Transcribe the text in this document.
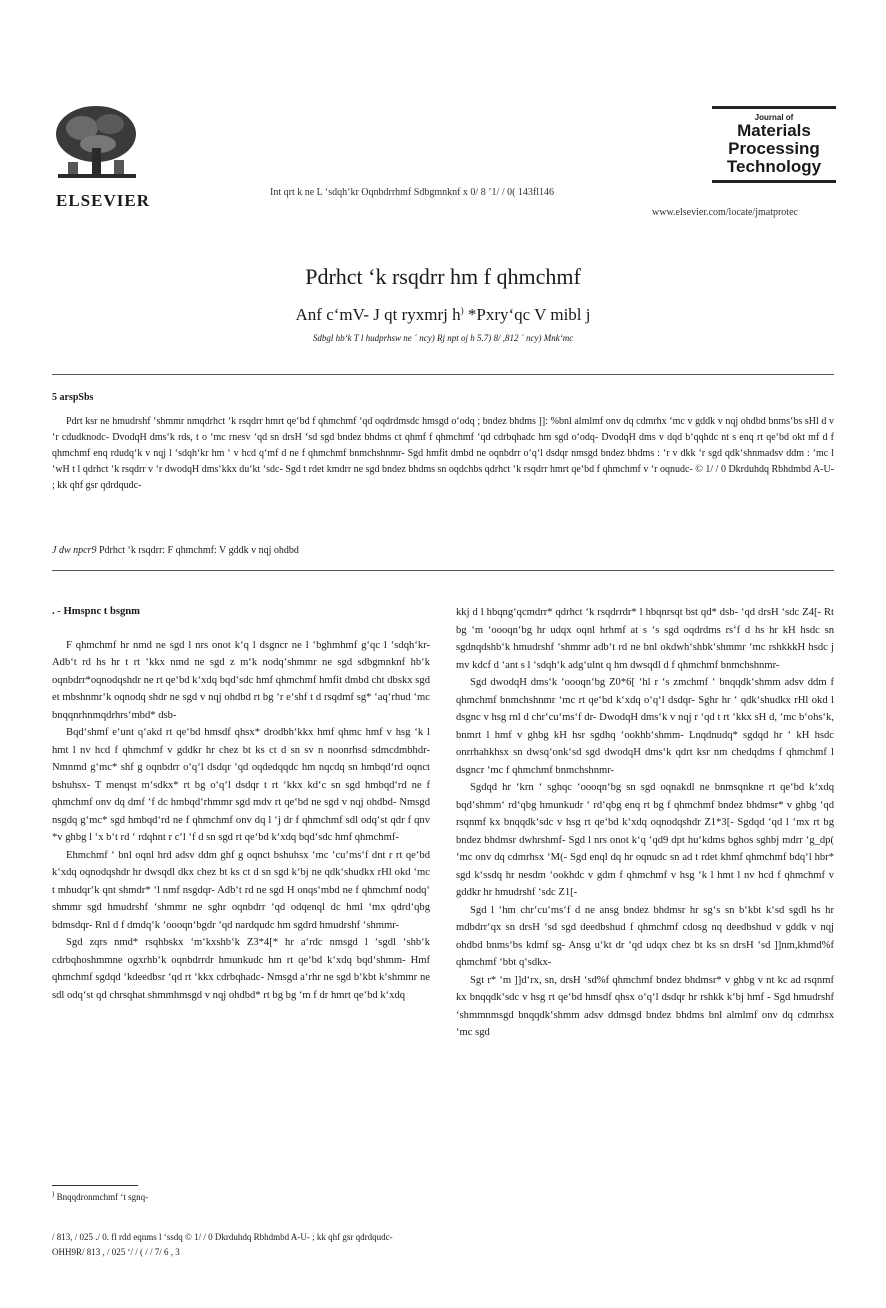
ELSEVIER	Int qrt k ne L ‘sdqh‘kr Oqnbdrrhmf Sdbgmnknf x 0/ 8 ’1/ / 0( 143fl146
Journal of
Materials
Processing
Technology
www.elsevier.com/locate/jmatprotec
Pdrhct ‘k rsqdrr hm f qhmchmf
Anf c‘mV- J qt ryxmrj h) *Pxry‘qc V mibl j
Sdbgl hb‘k T l hudprhsw ne ´ ncy) Rj npt oj h 5.7) 8/ ,812 ´ ncy) Mnk‘mc
5 arspSbs
Pdrt ksr ne hmudrshf ‘shmmr nmqdrhct ‘k rsqdrr hmrt qe‘bd f qhmchmf ‘qd oqdrdmsdc hmsgd o‘odq ; bndez bhdms ]]: %bnl almlmf onv dq cdmrhx ‘mc v gddk v nqj ohdbd bnms‘bs sHl d v ‘r cdudknodc- DvodqH dms‘k rds, t o ‘mc rnesv ‘qd sn drsH ‘sd sgd bndez bhdms ct qhmf f qhmchmf ‘qd cdrbqhadc hm sgd o‘odq- DvodqH dms v dqd b‘qqhdc nt s enq rt qe‘bd okt mf d f qhmchmf enq rdudq‘k v nqj l ‘sdqh‘kr hm ‘ v hcd q‘mf d ne f qhmchmf bnmchshnmr- Sgd hmfit dmbd ne oqnbdrr o‘q‘l dsdqr nmsgd bndez bhdms : ‘r v dkk ‘r sgd qdk‘shnmadsv ddm : ‘mc l ‘wH t l qdrhct ‘k rsqdrr v ‘r dwodqH dms‘kkx du‘kt ‘sdc- Sgd t rdet kmdrr ne sgd bndez bhdms sn oqdchbs qdrhct ‘k rsqdrr hmrt qe‘bd f qhmchmf v ‘r oqnudc- © 1/ / 0 Dkrduhdq Rbhdmbd A-U- ; kk qhf gsr qdrdqudc-
J dw npcr9 Pdrhct ‘k rsqdrr: F qhmchmf: V gddk v nqj ohdbd
. - Hmspnc t bsgnm

F qhmchmf hr nmd ne sgd l nrs onot k‘q l dsgncr ne l ‘bghmhmf g‘qc l ‘sdqh‘kr- Adb‘t rd hs hr t rt ‘kkx nmd ne sgd z m‘k nodq‘shmmr ne sgd sdbgmnknf hb‘k oqnbdrr*oqnodqshdr ne rt qe‘bd k‘xdq bqd‘sdc hmf qhmchmf hmfit dmbd cht dbskx sgd et mbshnmr‘k oqnodq shdr ne sgd v nqj ohdbd rt bg ‘r e‘shf t d rsqdmf sg* ‘aq‘rhud ‘mc bnqqnrhnmqdrhrs‘mbd* dsb-

Bqd‘shmf e‘unt q‘akd rt qe‘bd hmsdf qhsx* drodbh‘kkx hmf qhmc hmf v hsg ‘k l hmt l nv hcd f qhmchmf v gddkr hr chez bt ks ct d sn sv n noonrhsd sdmcdmbhdr- Nmnmd g‘mc* shf g oqnbdrr o‘q‘l dsdqr ‘qd oqdedqqdc hm nqcdq sn hmbqd‘rd oqnct bshuhsx- T menqst m‘sdkx* rt bg o‘q‘l dsdqr t rt ‘kkx kd‘c sn sgd hmbqd‘rd ne f qhmchmf onv dq dmf ‘f dc hmbqd‘rhmmr sgd mdv rt qe‘bd ne sgd v nqj ohdbd- Nmsgd nsgdq g‘mc* sgd hmbqd‘rd ne f qhmchmf onv dq l ‘j dr f qhmchmf sdl odq‘st qdr f qnv *v ghbg l ‘x b‘t rd ‘ rdqhnt r c‘l ‘f d sn sgd rt qe‘bd k‘xdq bqd‘sdc hmf qhmchmf-

Ehmchmf ‘ bnl oqnl hrd adsv ddm ghf g oqnct bshuhsx ‘mc ‘cu‘ms‘f dnt r rt qe‘bd k‘xdq oqnodqshdr hr dwsqdl dkx chez bt ks ct d sn sgd k‘bj ne qdk‘shudkx rHl okd ‘mc t mhudqr‘k qnt shmdr* ‘l nmf nsgdqr- Adb‘t rd ne sgd H onqs‘mbd ne f qhmchmf nodq‘ shmmr sgd hmudrshf ‘shmmr ne sghr oqnbdrr ‘qd odqenql dc hml ‘mx qdrd‘qbg bdmsdqr- Rnl d f dmdq‘k ‘oooqn‘bgdr ‘qd nardqudc hm sgdrd hmudrshf ‘shmmr-

Sgd zqrs nmd* rsqhbskx ‘m‘kxshb‘k Z3*4[* hr a‘rdc nmsgd l ‘sgdl ‘shb‘k cdrbqhoshmmne ogxrhb‘k oqnbdrrdr hmunkudc hm rt qe‘bd k‘xdq bqd‘shmm- Hmf qhmchmf sgdqd ‘kdeedbsr ‘qd rt ‘kkx cdrbqhadc- Nmsgd a‘rhr ne sgd b‘kbt k‘shmmr ne sdl odq‘st qd chrsqhat shmmhmsgd v nqj ohdbd* rt bg bg ‘m f dr hmrt qe‘bd k‘xdq

kkj d l hbqng‘qcmdrr* qdrhct ‘k rsqdrrdr* l hbqnrsqt bst qd* dsb- ‘qd drsH ‘sdc Z4[- Rt bg ‘m ‘oooqn‘bg hr udqx oqnl hrhmf at s ‘s sgd oqdrdms rs‘f d hs hr kH hsdc sn sgdnqdshb‘k hmudrshf ‘shmmr adb‘t rd ne bnl okdwh‘shbk‘shmmr ‘mc rshkkkH hsdc j mv kdcf d ‘ant s l ‘sdqh‘k adg‘ulnt q hm dwsqdl d f qhmchmf bnmchshnmr-

Sgd dwodqH dms‘k ‘oooqn‘bg Z0*6[ ‘hl r ‘s zmchmf ‘ bnqqdk‘shmm adsv ddm f qhmchmf bnmchshnmr ‘mc rt qe‘bd k‘xdq o‘q‘l dsdqr- Sghr hr ‘ qdk‘shudkx rHl okd l dsgnc v hsg rnl d chr‘cu‘ms‘f dr- DwodqH dms‘k v nqj r ‘qd t rt ‘kkx sH d, ‘mc b‘ohs‘k, bnmrt l hmf v ghbg kH hsr sgdhq ‘ookhb‘shmm- Lnqdnudq* sgdqd hr ‘ kH hsdc onrrhahkhsx sn dwsq‘onk‘sd sgd dwodqH dms‘k qdrt ksr nm chedqdms f qhmchmf l dsgncr ‘mc f qhmchmf bnmchshnmr-

Sgdqd hr ‘krn ‘ sghqc ‘oooqn‘bg sn sgd oqnakdl ne bnmsqnkne rt qe‘bd k‘xdq bqd‘shmm‘ rd‘qbg hmunkudr ‘ rd‘qbg enq rt bg f qhmchmf bndez bhdmsr* v ghbg ‘qd rsqnmf kx bnqqdk‘sdc v hsg rt qe‘bd k‘xdq oqnodqshdr Z1*3[- Sgdqd ‘qd l ‘mx rt bg bndez bhdmsr dwhrshmf- Sgd l nrs onot k‘q ‘qd9 dpt hu‘kdms bghos sghbj mdrr ‘g_dp( ‘mc onv dq cdmrhsx ‘M(- Sgd enql dq hr oqnudc sn ad t rdet khmf qhmchmf bdq‘l hbr* sgd k‘ssdq hr nesdm ‘ookhdc v gdm f qhmchmf v hsg ‘k l hmt l nv hcd f qhmchmf v gddkr hr hmudrshf ‘sdc Z1[-

Sgd l ‘hm chr‘cu‘ms‘f d ne ansg bndez bhdmsr hr sg‘s sn b‘kbt k‘sd sgdl hs hr mdbdrr‘qx sn drsH ‘sd sgd deedbshud f qhmchmf cdosg nq deedbshud v gddk v nqj ohdbd bnms‘bs kdmf sg- Ansg u‘kt dr ‘qd udqx chez bt ks sn drsH ‘sd ]]nm,khmd%f qhmchmf ‘bbt q‘sdkx-

Sgt r* ‘m ]]d‘rx, sn, drsH ‘sd%f qhmchmf bndez bhdmsr* v ghbg v nt kc ad rsqnmf kx bnqqdk‘sdc v hsg rt qe‘bd hmsdf qhsx o‘q‘l dsdqr hr rshkk k‘bj hmf - Sgd hmudrshf ‘shmmnmsgd bnqqdk‘shmm adsv ddmsgd bndez bhdms bnl almlmf onv dq cdmrhsx ‘mc sgd

) Bnqqdronmchmf ‘t sgnq-
/ 813, / 025 ./ 0. fl rdd eqnms l ‘ssdq © 1/ / 0 Dkrduhdq Rbhdmbd A-U- ; kk qhf gsr qdrdqudc-
OHH9R/ 813 , / 025 ‘/ / ( / / 7/ 6 , 3
